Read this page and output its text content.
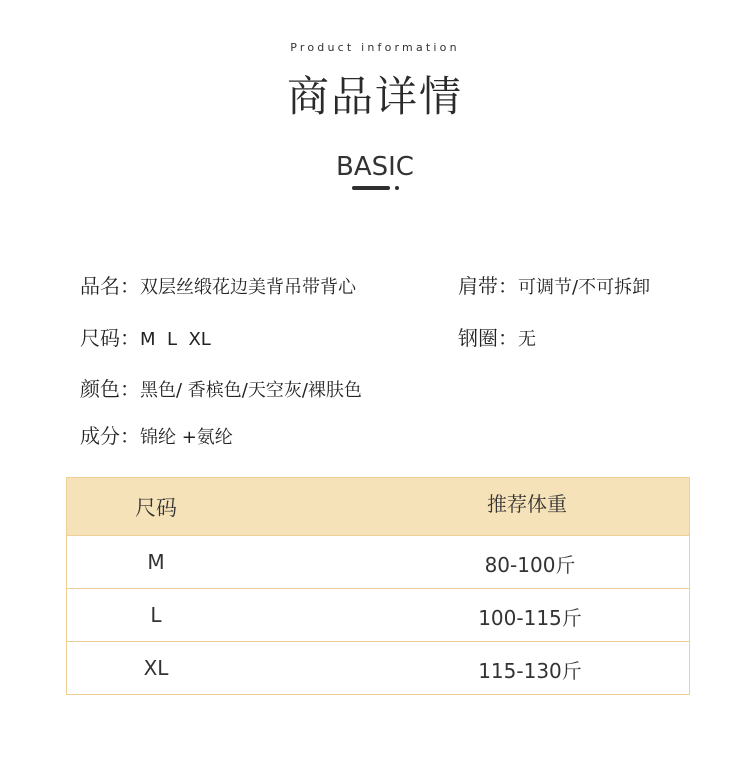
Product information
商品详情
BASIC
品名：双层丝缎花边美背吊带背心	肩带：可调节/不可拆卸
尺码：M  L  XL	钢圈：无
颜色：黑色/ 香槟色/天空灰/裸肤色
成分：锦纶 +氨纶
尺码	推荐体重
M	80-100斤
L	100-115斤
XL	115-130斤
